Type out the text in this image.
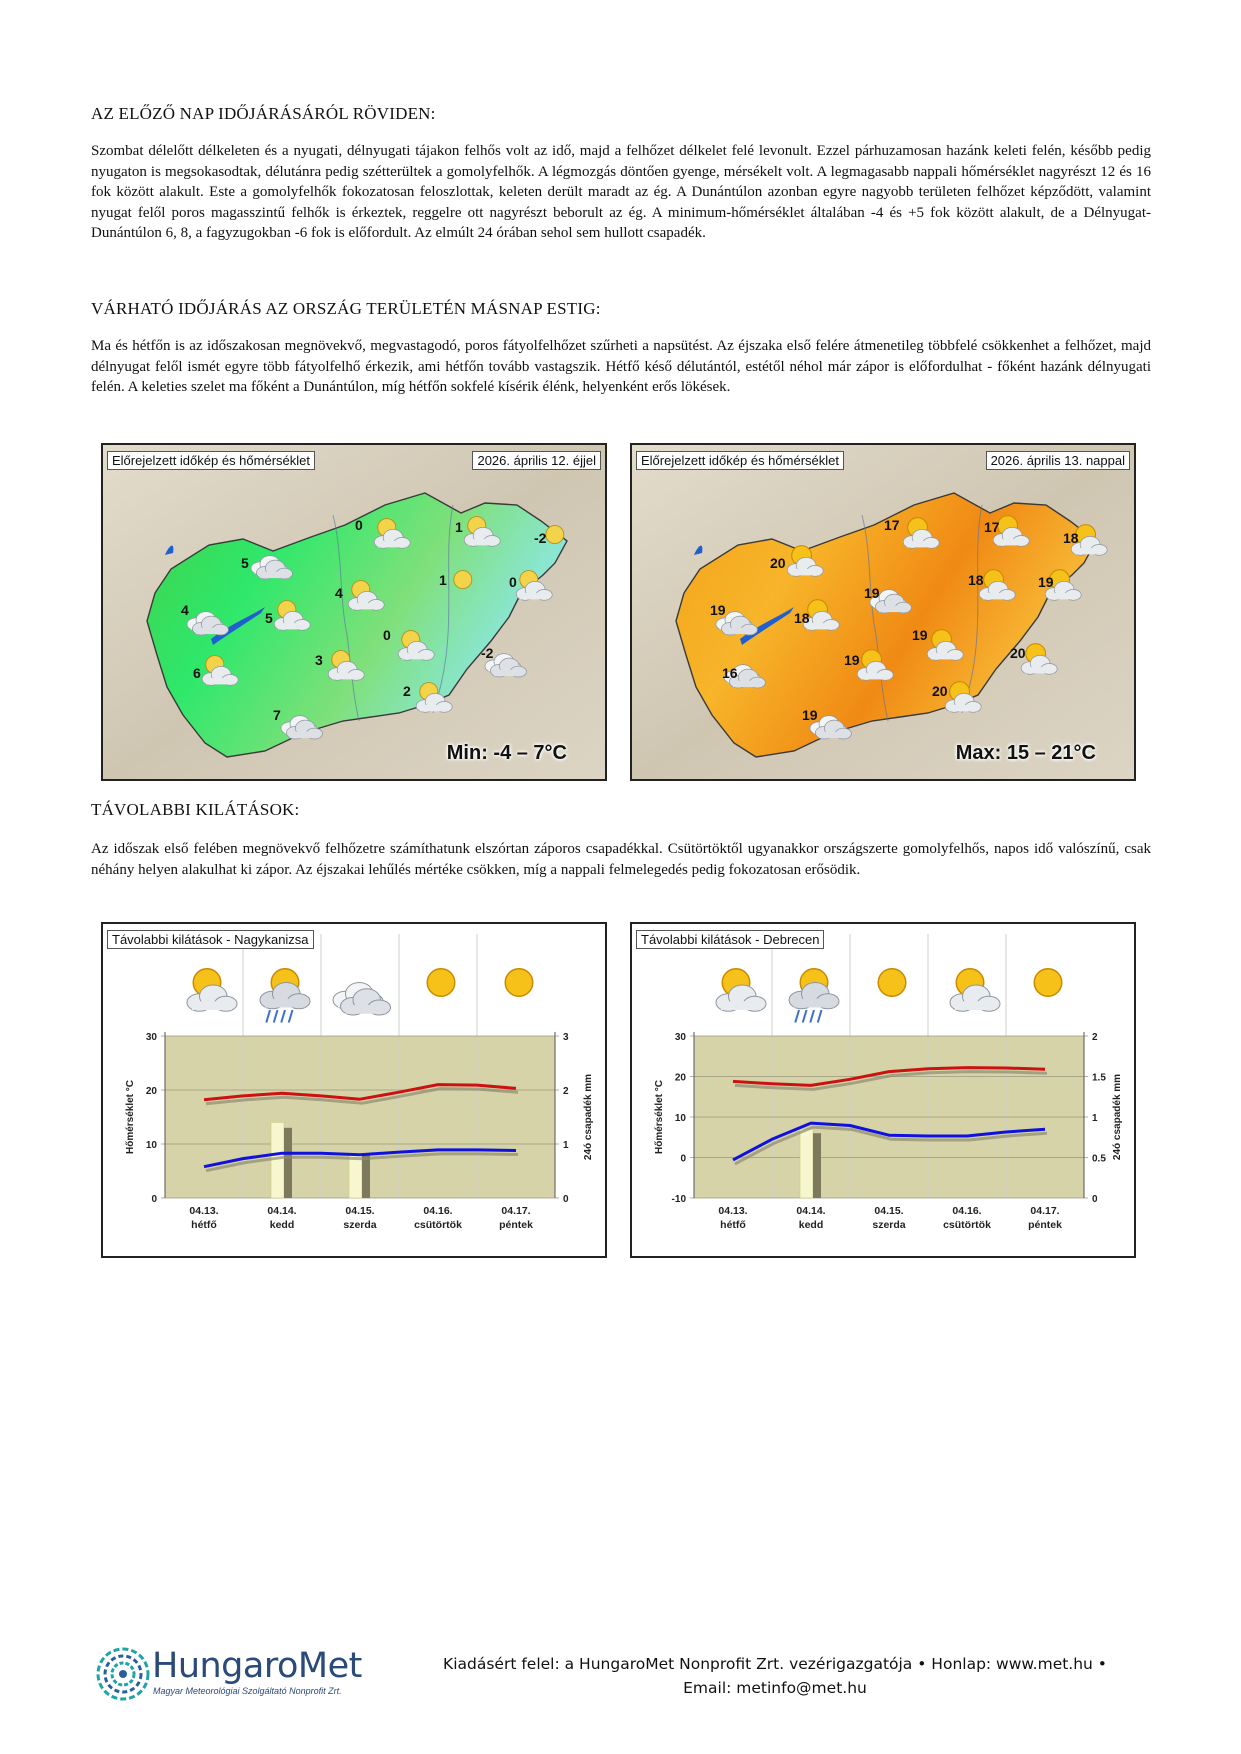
AZ ELŐZŐ NAP IDŐJÁRÁSÁRÓL RÖVIDEN:

Szombat délelőtt délkeleten és a nyugati, délnyugati tájakon felhős volt az idő, majd a felhőzet délkelet felé levonult. Ezzel párhuzamosan hazánk keleti felén, később pedig nyugaton is megsokasodtak, délutánra pedig szétterültek a gomolyfelhők. A légmozgás döntően gyenge, mérsékelt volt. A legmagasabb nappali hőmérséklet nagyrészt 12 és 16 fok között alakult. Este a gomolyfelhők fokozatosan feloszlottak, keleten derült maradt az ég. A Dunántúlon azonban egyre nagyobb területen felhőzet képződött, valamint nyugat felől poros magasszintű felhők is érkeztek, reggelre ott nagyrészt beborult az ég. A minimum-hőmérséklet általában -4 és +5 fok között alakult, de a Délnyugat-Dunántúlon 6, 8, a fagyzugokban -6 fok is előfordult. Az elmúlt 24 órában sehol sem hullott csapadék.

VÁRHATÓ IDŐJÁRÁS AZ ORSZÁG TERÜLETÉN MÁSNAP ESTIG:

Ma és hétfőn is az időszakosan megnövekvő, megvastagodó, poros fátyolfelhőzet szűrheti a napsütést. Az éjszaka első felére átmenetileg többfelé csökkenhet a felhőzet, majd délnyugat felől ismét egyre több fátyolfelhő érkezik, ami hétfőn tovább vastagszik. Hétfő késő délutántól, estétől néhol már zápor is előfordulhat - főként hazánk délnyugati felén. A keleties szelet ma főként a Dunántúlon, míg hétfőn sokfelé kísérik élénk, helyenként erős lökések.

0	1
-2
5
4
1	0
4	5
0
3	-2
6
2
7
Előrejelzett időkép és hőmérséklet	2026. április 12. éjjel
Min: -4 – 7°C
17	17
18
20
19
18	19
19	18
19
19	20
16
20
19
Előrejelzett időkép és hőmérséklet	2026. április 13. nappal
Max: 15 – 21°C
TÁVOLABBI KILÁTÁSOK:

Az időszak első felében megnövekvő felhőzetre számíthatunk elszórtan záporos csapadékkal. Csütörtöktől ugyanakkor országszerte gomolyfelhős, napos idő valószínű, csak néhány helyen alakulhat ki zápor. Az éjszakai lehűlés mértéke csökken, míg a nappali felmelegedés pedig fokozatosan erősödik.

0
10
20
30
0
1
2
3
Hőmérséklet °C	24ó csapadék mm
04.13.
hétfő
04.14.
kedd
04.15.
szerda
04.16.
csütörtök
04.17.
péntek
Távolabbi kilátások - Nagykanizsa
-10
0
10
20
30
0
0.5
1
1.5
2
Hőmérséklet °C	24ó csapadék mm
04.13.
hétfő
04.14.
kedd
04.15.
szerda
04.16.
csütörtök
04.17.
péntek
Távolabbi kilátások - Debrecen
HungaroMet
Magyar Meteorológiai Szolgáltató Nonprofit Zrt.
Kiadásért felel: a HungaroMet Nonprofit Zrt. vezérigazgatója • Honlap: www.met.hu •
Email: metinfo@met.hu
